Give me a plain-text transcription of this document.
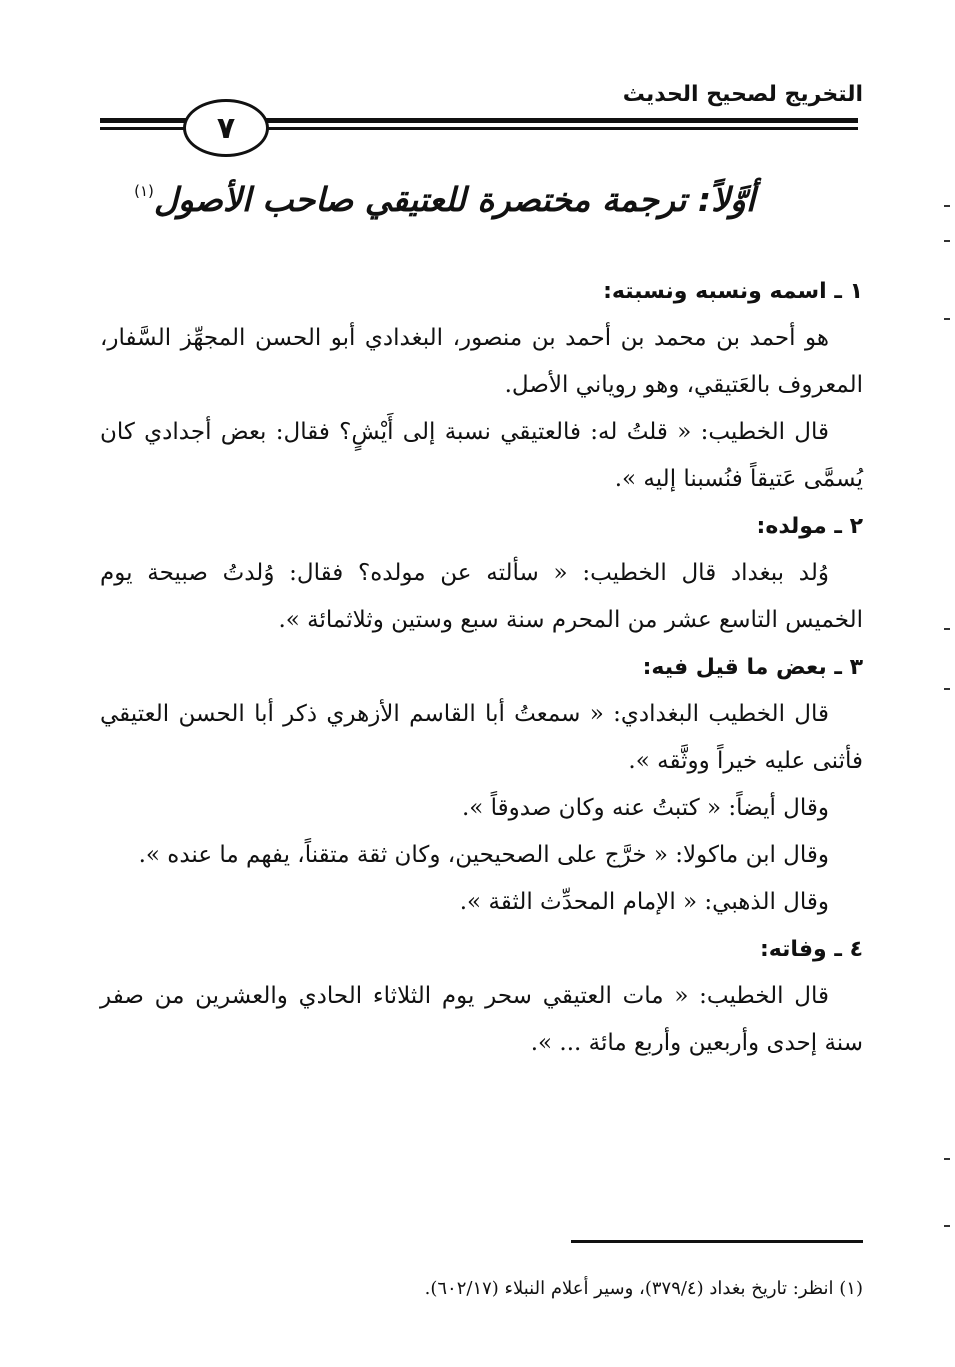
التخريج لصحيح الحديث
٧
أوَّلاً: ترجمة مختصرة للعتيقي صاحب الأصول$^{(١)}$
١ ـ اسمه ونسبه ونسبته:

هو أحمد بن محمد بن أحمد بن منصور، البغدادي أبو الحسن المجهِّز السَّفار، المعروف بالعَتيقي، وهو روياني الأصل.

قال الخطيب: « قلتُ له: فالعتيقي نسبة إلى أَيْشٍ؟ فقال: بعض أجدادي كان يُسمَّى عَتيقاً فنُسبنا إليه ».

٢ ـ مولده:

وُلد ببغداد قال الخطيب: « سألته عن مولده؟ فقال: وُلدتُ صبيحة يوم الخميس التاسع عشر من المحرم سنة سبع وستين وثلاثمائة ».

٣ ـ بعض ما قيل فيه:

قال الخطيب البغدادي: « سمعتُ أبا القاسم الأزهري ذكر أبا الحسن العتيقي فأثنى عليه خيراً ووثَّقه ».

وقال أيضاً: « كتبتُ عنه وكان صدوقاً ».

وقال ابن ماكولا: « خرَّج على الصحيحين، وكان ثقة متقناً، يفهم ما عنده ».

وقال الذهبي: « الإمام المحدِّث الثقة ».

٤ ـ وفاته:

قال الخطيب: « مات العتيقي سحر يوم الثلاثاء الحادي والعشرين من صفر سنة إحدى وأربعين وأربع مائة ... ».

(١) انظر: تاريخ بغداد (٣٧٩/٤)، وسير أعلام النبلاء (٦٠٢/١٧).
